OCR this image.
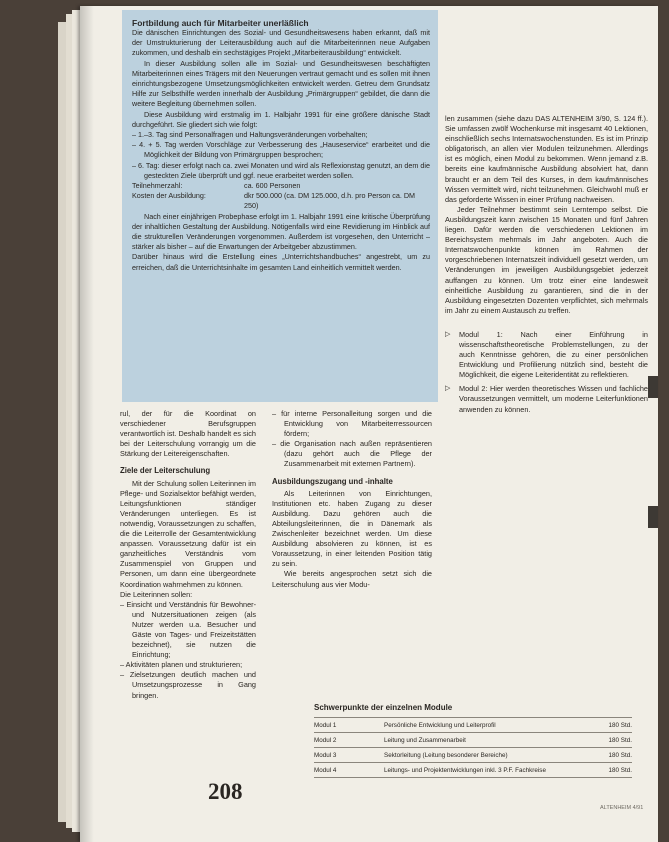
Fortbildung auch für Mitarbeiter unerläßlich

Die dänischen Einrichtungen des Sozial- und Gesundheitswesens haben erkannt, daß mit der Umstrukturierung der Leiterausbildung auch auf die Mitarbeiterinnen neue Aufgaben zukommen, und deshalb ein sechstägiges Projekt „Mitarbeiterausbildung“ entwickelt.

In dieser Ausbildung sollen alle im Sozial- und Gesundheitswesen beschäftigten Mitarbeiterinnen eines Trägers mit den Neuerungen vertraut gemacht und es sollen mit ihnen einrichtungsbezogene Umsetzungsmöglichkeiten entwickelt werden. Getreu dem Grundsatz Hilfe zur Selbsthilfe werden innerhalb der Ausbildung „Primärgruppen“ gebildet, die dann die weitere Begleitung übernehmen sollen.

Diese Ausbildung wird erstmalig im 1. Halbjahr 1991 für eine größere dänische Stadt durchgeführt. Sie gliedert sich wie folgt:

– 1.–3. Tag sind Personalfragen und Haltungsveränderungen vorbehalten;
– 4. + 5. Tag werden Vorschläge zur Verbesserung des „Hauseservice“ erarbeitet und die Möglichkeit der Bildung von Primärgruppen besprochen;
– 6. Tag: dieser erfolgt nach ca. zwei Monaten und wird als Reflexionstag genutzt, an dem die gesteckten Ziele überprüft und ggf. neue erarbeitet werden sollen.
Teilnehmerzahl:	ca. 600 Personen
Kosten der Ausbildung:	dkr 500.000 (ca. DM 125.000, d.h. pro Person ca. DM 250)

Nach einer einjährigen Probephase erfolgt im 1. Halbjahr 1991 eine kritische Überprüfung der inhaltlichen Gestaltung der Ausbildung. Nötigenfalls wird eine Revidierung im Hinblick auf die strukturellen Veränderungen vorgenommen. Außerdem ist vorgesehen, den Unterricht – stärker als bisher – auf die Erwartungen der Arbeitgeber abzustimmen.

Darüber hinaus wird die Erstellung eines „Unterrichtshandbuches“ angestrebt, um zu erreichen, daß die Unterrichtsinhalte im gesamten Land einheitlich vermittelt werden.

len zusammen (siehe dazu DAS ALTENHEIM 3/90, S. 124 ff.). Sie umfassen zwölf Wochenkurse mit insgesamt 40 Lektionen, einschließlich sechs Internatswochenstunden. Es ist im Prinzip obligatorisch, an allen vier Modulen teilzunehmen. Allerdings ist es möglich, einen Modul zu bekommen. Wenn jemand z.B. bereits eine kaufmännische Ausbildung absolviert hat, dann braucht er an dem Teil des Kurses, in dem kaufmännisches Wissen vermittelt wird, nicht teilzunehmen. Gleichwohl muß er das geforderte Wissen in einer Prüfung nachweisen.

Jeder Teilnehmer bestimmt sein Lerntempo selbst. Die Ausbildungszeit kann zwischen 15 Monaten und fünf Jahren liegen. Dafür werden die verschiedenen Lektionen im Bereichsystem mehrmals im Jahr angeboten. Auch die Internatswochenpunkte können im Rahmen der vorgeschriebenen Internatszeit individuell gesetzt werden, um Veränderungen im jeweiligen Ausbildungsgebiet jederzeit auffangen zu können. Um trotz einer eine landesweit einheitliche Ausbildung zu garantieren, sind die in der Ausbildung eingesetzten Dozenten verpflichtet, sich mehrmals im Jahr zu einem Austausch zu treffen.

▷	Modul 1: Nach einer Einführung in wissenschaftstheoretische Problemstellungen, zu der auch Kenntnisse gehören, die zu einer persönlichen Entwicklung und Profilierung nützlich sind, besteht die Möglichkeit, die eigene Leiteridentität zu reflektieren.
▷	Modul 2: Hier werden theoretisches Wissen und fachliche Voraussetzungen vermittelt, um moderne Leiterfunktionen anwenden zu können.

rul, der für die Koordinat on verschiedener Berufsgruppen verantwortlich ist. Deshalb handelt es sich bei der Leiterschulung vorrangig um die Stärkung der Leitereigenschaften.

Ziele der Leiterschulung

Mit der Schulung sollen Leiterinnen im Pflege- und Sozialsektor befähigt werden, Leitungsfunktionen ständiger Veränderungen unterliegen. Es ist notwendig, Voraussetzungen zu schaffen, die die Leiterrolle der Gesamtentwicklung anpassen. Voraussetzung dafür ist ein ganzheitliches Verständnis vom Zusammenspiel von Gruppen und Personen, um dann eine übergeordnete Koordination wahrnehmen zu können.

Die Leiterinnen sollen:

– Einsicht und Verständnis für Bewohner- und Nutzersituationen zeigen (als Nutzer werden u.a. Besucher und Gäste von Tages- und Freizeitstätten bezeichnet), sie nutzen die Einrichtung;
– Aktivitäten planen und strukturieren;
– Zielsetzungen deutlich machen und Umsetzungsprozesse in Gang bringen.
– für interne Personalleitung sorgen und die Entwicklung von Mitarbeiterressourcen fördern;
– die Organisation nach außen repräsentieren (dazu gehört auch die Pflege der Zusammenarbeit mit externen Partnern).
Ausbildungszugang und -inhalte

Als Leiterinnen von Einrichtungen, Institutionen etc. haben Zugang zu dieser Ausbildung. Dazu gehören auch die Abteilungsleiterinnen, die in Dänemark als Zwischenleiter bezeichnet werden. Um diese Ausbildung absolvieren zu können, ist es Voraussetzung, in einer leitenden Position tätig zu sein.

Wie bereits angesprochen setzt sich die Leiterschulung aus vier Modu-

Schwerpunkte der einzelnen Module
Modul 1	Persönliche Entwicklung und Leiterprofil	180 Std.
Modul 2	Leitung und Zusammenarbeit	180 Std.
Modul 3	Sektorleitung (Leitung besonderer Bereiche)	180 Std.
Modul 4	Leitungs- und Projektentwicklungen inkl. 3 P.F. Fachkreise	180 Std.
208
ALTENHEIM 4/91
